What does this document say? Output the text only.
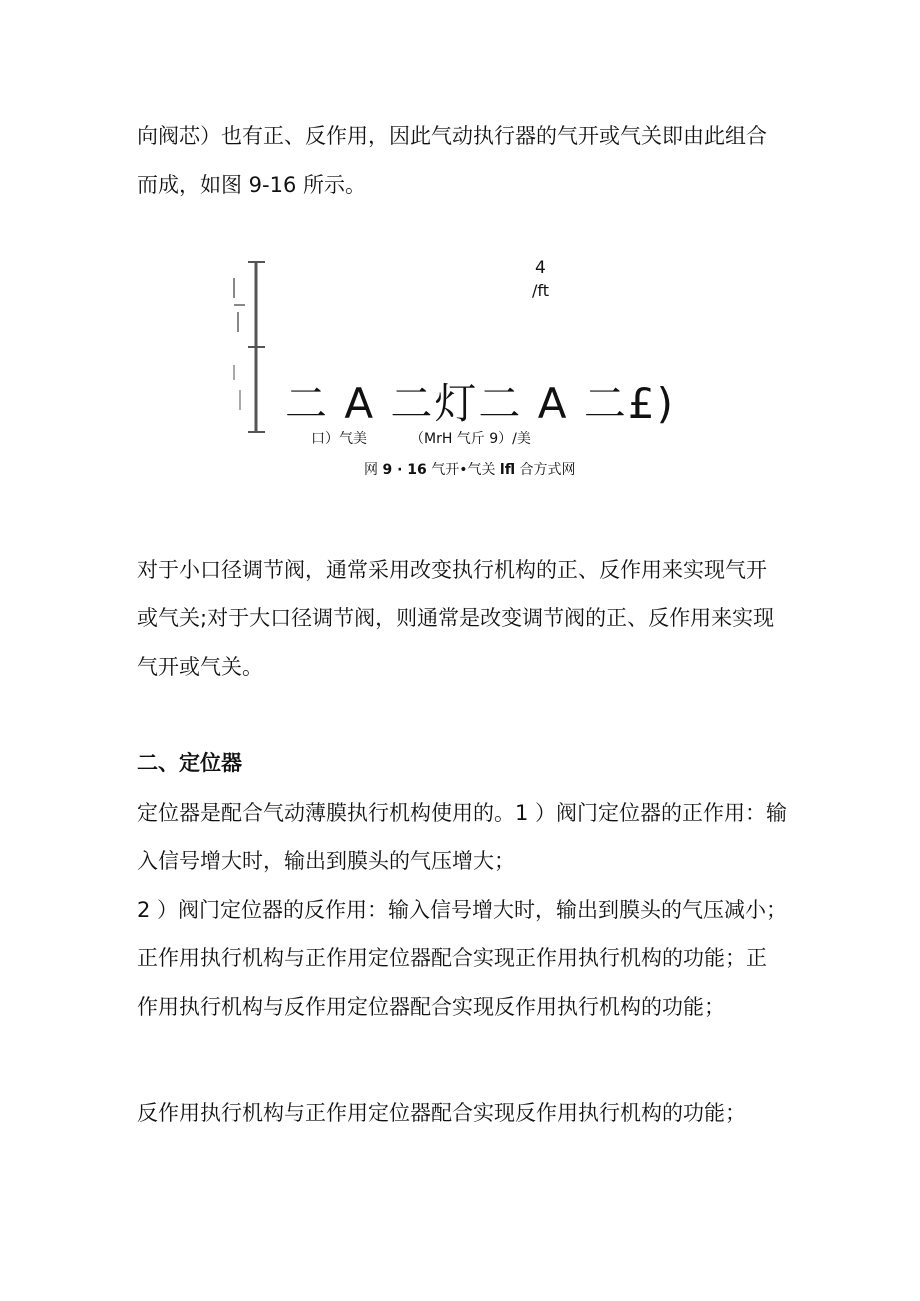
向阀芯）也有正、反作用，因此气动执行器的气开或气关即由此组合
而成，如图 9-16 所示。
4
/ft
二 A 二灯二 A 二£)
口）气美	（MrH 气斤 9）/美
网 9 · 16 气开•气关 lfl 合方式网
对于小口径调节阀，通常采用改变执行机构的正、反作用来实现气开
或气关;对于大口径调节阀，则通常是改变调节阀的正、反作用来实现
气开或气关。
二、定位器
定位器是配合气动薄膜执行机构使用的。1 ）阀门定位器的正作用：输
入信号增大时，输出到膜头的气压增大；
2 ）阀门定位器的反作用：输入信号增大时，输出到膜头的气压减小；
正作用执行机构与正作用定位器配合实现正作用执行机构的功能；正
作用执行机构与反作用定位器配合实现反作用执行机构的功能；
反作用执行机构与正作用定位器配合实现反作用执行机构的功能；
